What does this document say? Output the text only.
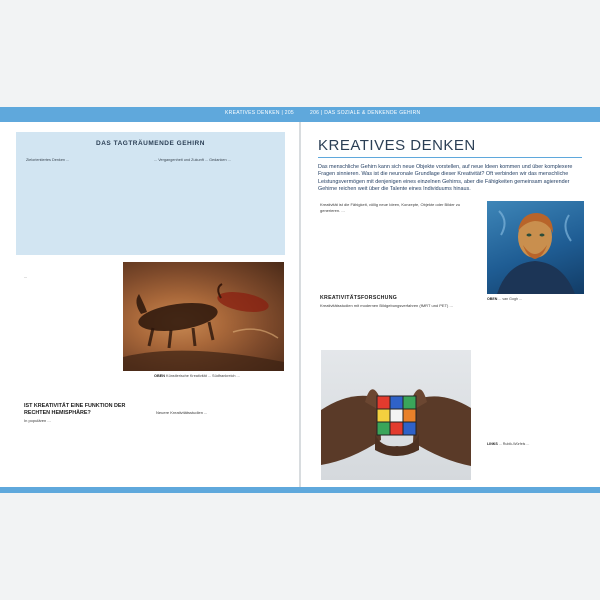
KREATIVES DENKEN | 205	206 | DAS SOZIALE & DENKENDE GEHIRN
DAS TAGTRÄUMENDE GEHIRN
Zielorientiertes Denken ...	... Vergangenheit und Zukunft ... Gedanken ...
...
OBEN Künstlerische Kreativität ... Südfrankreich ...
IST KREATIVITÄT EINE FUNKTION DER RECHTEN HEMISPHÄRE?
In populären ...
Neuere Kreativitätsstudien ...
KREATIVES DENKEN
Das menschliche Gehirn kann sich neue Objekte vorstellen, auf neue Ideen kommen und über komplexere Fragen sinnieren. Was ist die neuronale Grundlage dieser Kreativität? Oft verbinden wir das menschliche Leistungsvermögen mit denjenigen eines einzelnen Gehirns, aber die Fähigkeiten gemeinsam agierender Gehirne reichen weit über die Talente eines Individuums hinaus.
Kreativität ist die Fähigkeit, völlig neue Ideen, Konzepte, Objekte oder Bilder zu generieren. ...
KREATIVITÄTSFORSCHUNG
Kreativitätsstudien mit modernen Bildgebungsverfahren (fMRT und PET) ...
OBEN ... van Gogh ...
LINKS ... Rubik-Würfels ...
